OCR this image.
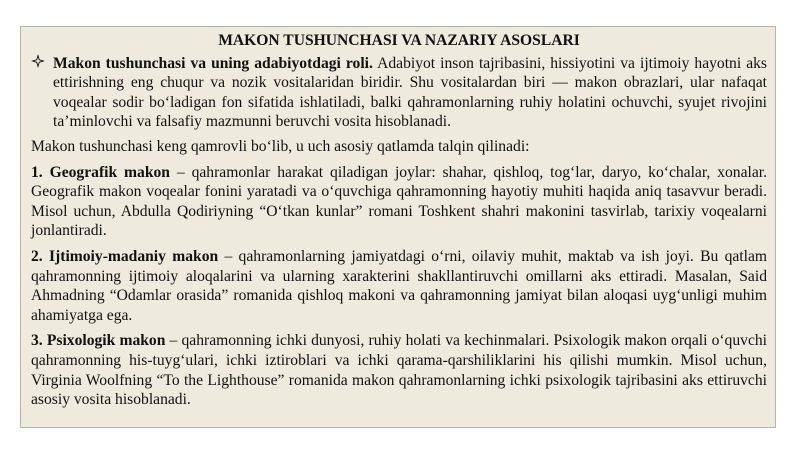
MAKON TUSHUNCHASI VA NAZARIY ASOSLARI

Makon tushunchasi va uning adabiyotdagi roli. Adabiyot inson tajribasini, hissiyotini va ijtimoiy hayotni aks ettirishning eng chuqur va nozik vositalaridan biridir. Shu vositalardan biri — makon obrazlari, ular nafaqat voqealar sodir boʻladigan fon sifatida ishlatiladi, balki qahramonlarning ruhiy holatini ochuvchi, syujet rivojini taʼminlovchi va falsafiy mazmunni beruvchi vosita hisoblanadi.

Makon tushunchasi keng qamrovli boʻlib, u uch asosiy qatlamda talqin qilinadi:

1. Geografik makon – qahramonlar harakat qiladigan joylar: shahar, qishloq, togʻlar, daryo, koʻchalar, xonalar. Geografik makon voqealar fonini yaratadi va oʻquvchiga qahramonning hayotiy muhiti haqida aniq tasavvur beradi. Misol uchun, Abdulla Qodiriyning “Oʻtkan kunlar” romani Toshkent shahri makonini tasvirlab, tarixiy voqealarni jonlantiradi.

2. Ijtimoiy-madaniy makon – qahramonlarning jamiyatdagi oʻrni, oilaviy muhit, maktab va ish joyi. Bu qatlam qahramonning ijtimoiy aloqalarini va ularning xarakterini shakllantiruvchi omillarni aks ettiradi. Masalan, Said Ahmadning “Odamlar orasida” romanida qishloq makoni va qahramonning jamiyat bilan aloqasi uygʻunligi muhim ahamiyatga ega.

3. Psixologik makon – qahramonning ichki dunyosi, ruhiy holati va kechinmalari. Psixologik makon orqali oʻquvchi qahramonning his-tuygʻulari, ichki iztiroblari va ichki qarama-qarshiliklarini his qilishi mumkin. Misol uchun, Virginia Woolfning “To the Lighthouse” romanida makon qahramonlarning ichki psixologik tajribasini aks ettiruvchi asosiy vosita hisoblanadi.
